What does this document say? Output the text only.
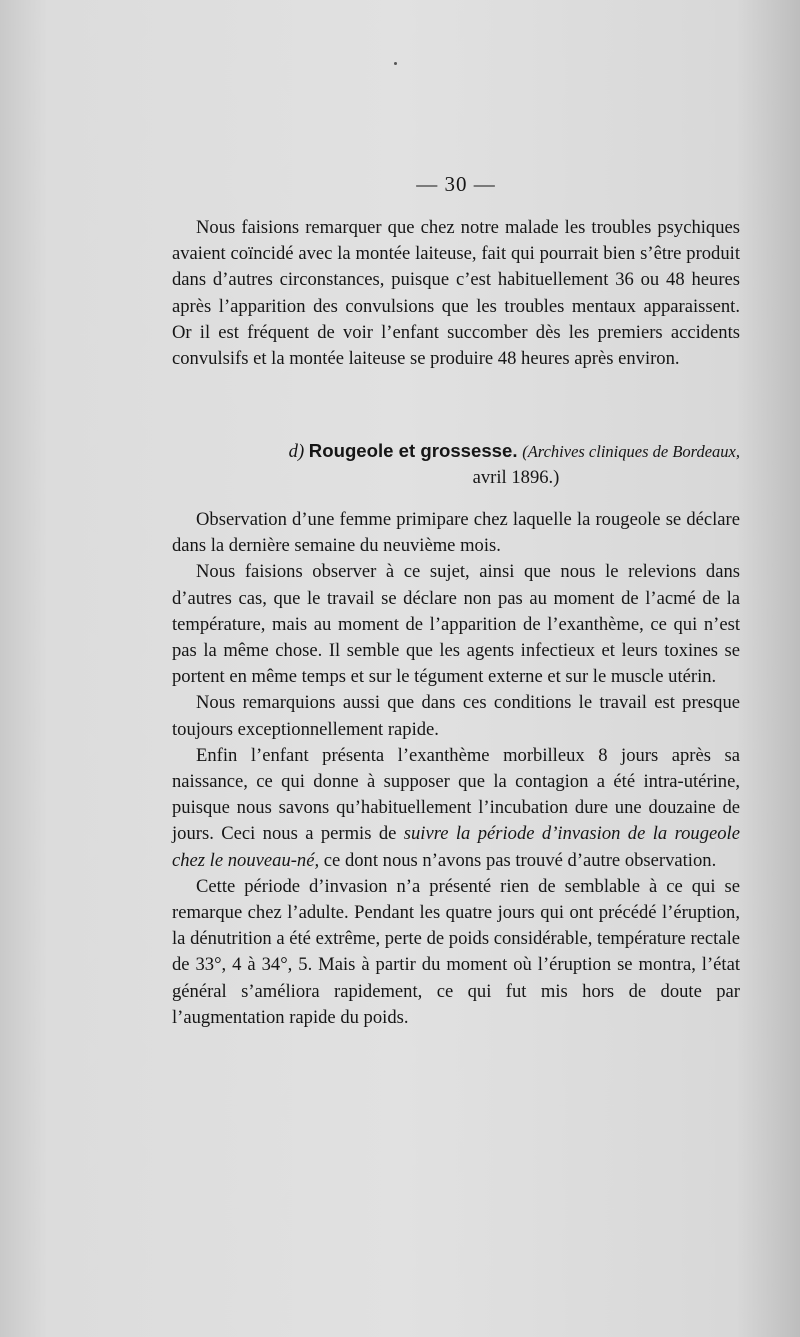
— 30 —

Nous faisions remarquer que chez notre malade les troubles psychiques avaient coïncidé avec la montée laiteuse, fait qui pourrait bien s’être produit dans d’autres circonstances, puisque c’est habituellement 36 ou 48 heures après l’apparition des convulsions que les troubles mentaux apparaissent. Or il est fréquent de voir l’enfant succomber dès les premiers accidents convulsifs et la montée laiteuse se produire 48 heures après environ.

d) Rougeole et grossesse. (Archives cliniques de Bordeaux,
avril 1896.)

Observation d’une femme primipare chez laquelle la rougeole se déclare dans la dernière semaine du neuvième mois.

Nous faisions observer à ce sujet, ainsi que nous le relevions dans d’autres cas, que le travail se déclare non pas au moment de l’acmé de la température, mais au moment de l’apparition de l’exanthème, ce qui n’est pas la même chose. Il semble que les agents infectieux et leurs toxines se portent en même temps et sur le tégument externe et sur le muscle utérin.

Nous remarquions aussi que dans ces conditions le travail est presque toujours exceptionnellement rapide.

Enfin l’enfant présenta l’exanthème morbilleux 8 jours après sa naissance, ce qui donne à supposer que la contagion a été intra-utérine, puisque nous savons qu’habituellement l’incubation dure une douzaine de jours. Ceci nous a permis de suivre la période d’invasion de la rougeole chez le nouveau-né, ce dont nous n’avons pas trouvé d’autre observation.

Cette période d’invasion n’a présenté rien de semblable à ce qui se remarque chez l’adulte. Pendant les quatre jours qui ont précédé l’éruption, la dénutrition a été extrême, perte de poids considérable, température rectale de 33°, 4 à 34°, 5. Mais à partir du moment où l’éruption se montra, l’état général s’améliora rapidement, ce qui fut mis hors de doute par l’augmentation rapide du poids.
